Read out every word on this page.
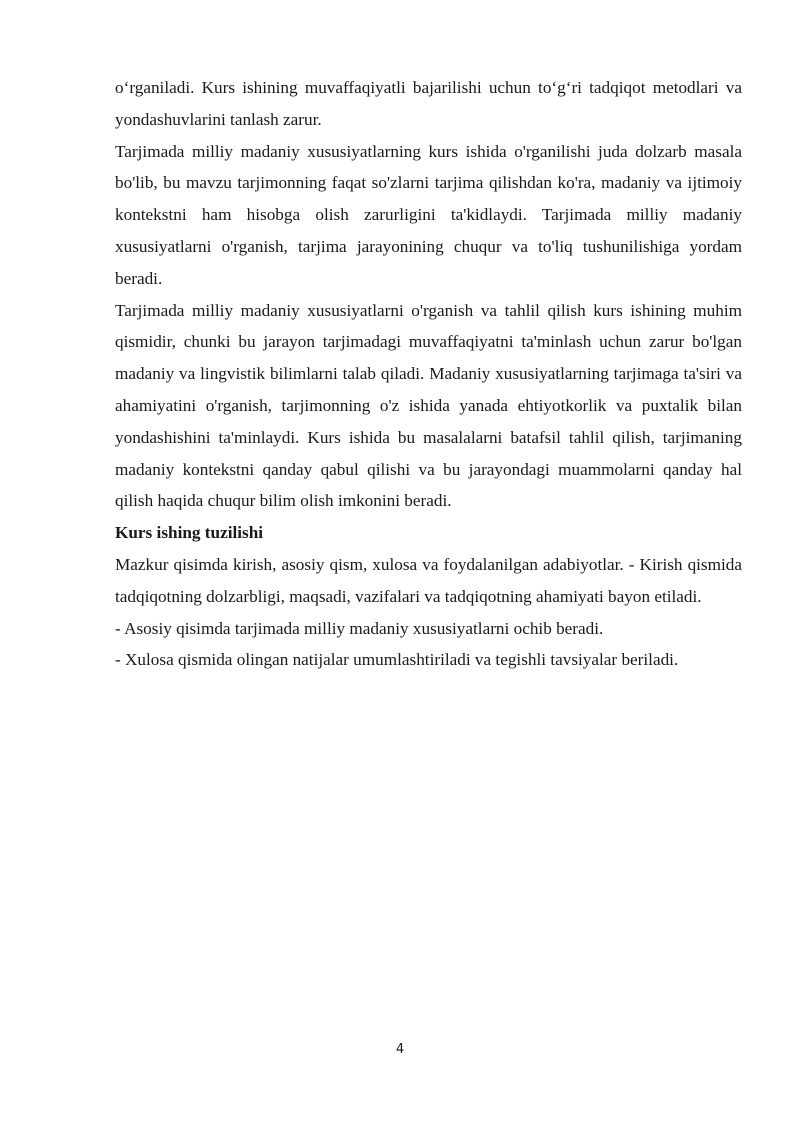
o‘rganiladi. Kurs ishining muvaffaqiyatli bajarilishi uchun to‘g‘ri tadqiqot metodlari va yondashuvlarini tanlash zarur.

Tarjimada milliy madaniy xususiyatlarning kurs ishida o'rganilishi juda dolzarb masala bo'lib, bu mavzu tarjimonning faqat so'zlarni tarjima qilishdan ko'ra, madaniy va ijtimoiy kontekstni ham hisobga olish zarurligini ta'kidlaydi. Tarjimada milliy madaniy xususiyatlarni o'rganish, tarjima jarayonining chuqur va to'liq tushunilishiga yordam beradi.

Tarjimada milliy madaniy xususiyatlarni o'rganish va tahlil qilish kurs ishining muhim qismidir, chunki bu jarayon tarjimadagi muvaffaqiyatni ta'minlash uchun zarur bo'lgan madaniy va lingvistik bilimlarni talab qiladi. Madaniy xususiyatlarning tarjimaga ta'siri va ahamiyatini o'rganish, tarjimonning o'z ishida yanada ehtiyotkorlik va puxtalik bilan yondashishini ta'minlaydi. Kurs ishida bu masalalarni batafsil tahlil qilish, tarjimaning madaniy kontekstni qanday qabul qilishi va bu jarayondagi muammolarni qanday hal qilish haqida chuqur bilim olish imkonini beradi.

Kurs ishing tuzilishi

Mazkur qisimda kirish, asosiy qism, xulosa va foydalanilgan adabiyotlar. - Kirish qismida tadqiqotning dolzarbligi, maqsadi, vazifalari va tadqiqotning ahamiyati bayon etiladi.

- Asosiy qisimda tarjimada milliy madaniy xususiyatlarni ochib beradi.

- Xulosa qismida olingan natijalar umumlashtiriladi va tegishli tavsiyalar beriladi.

4
